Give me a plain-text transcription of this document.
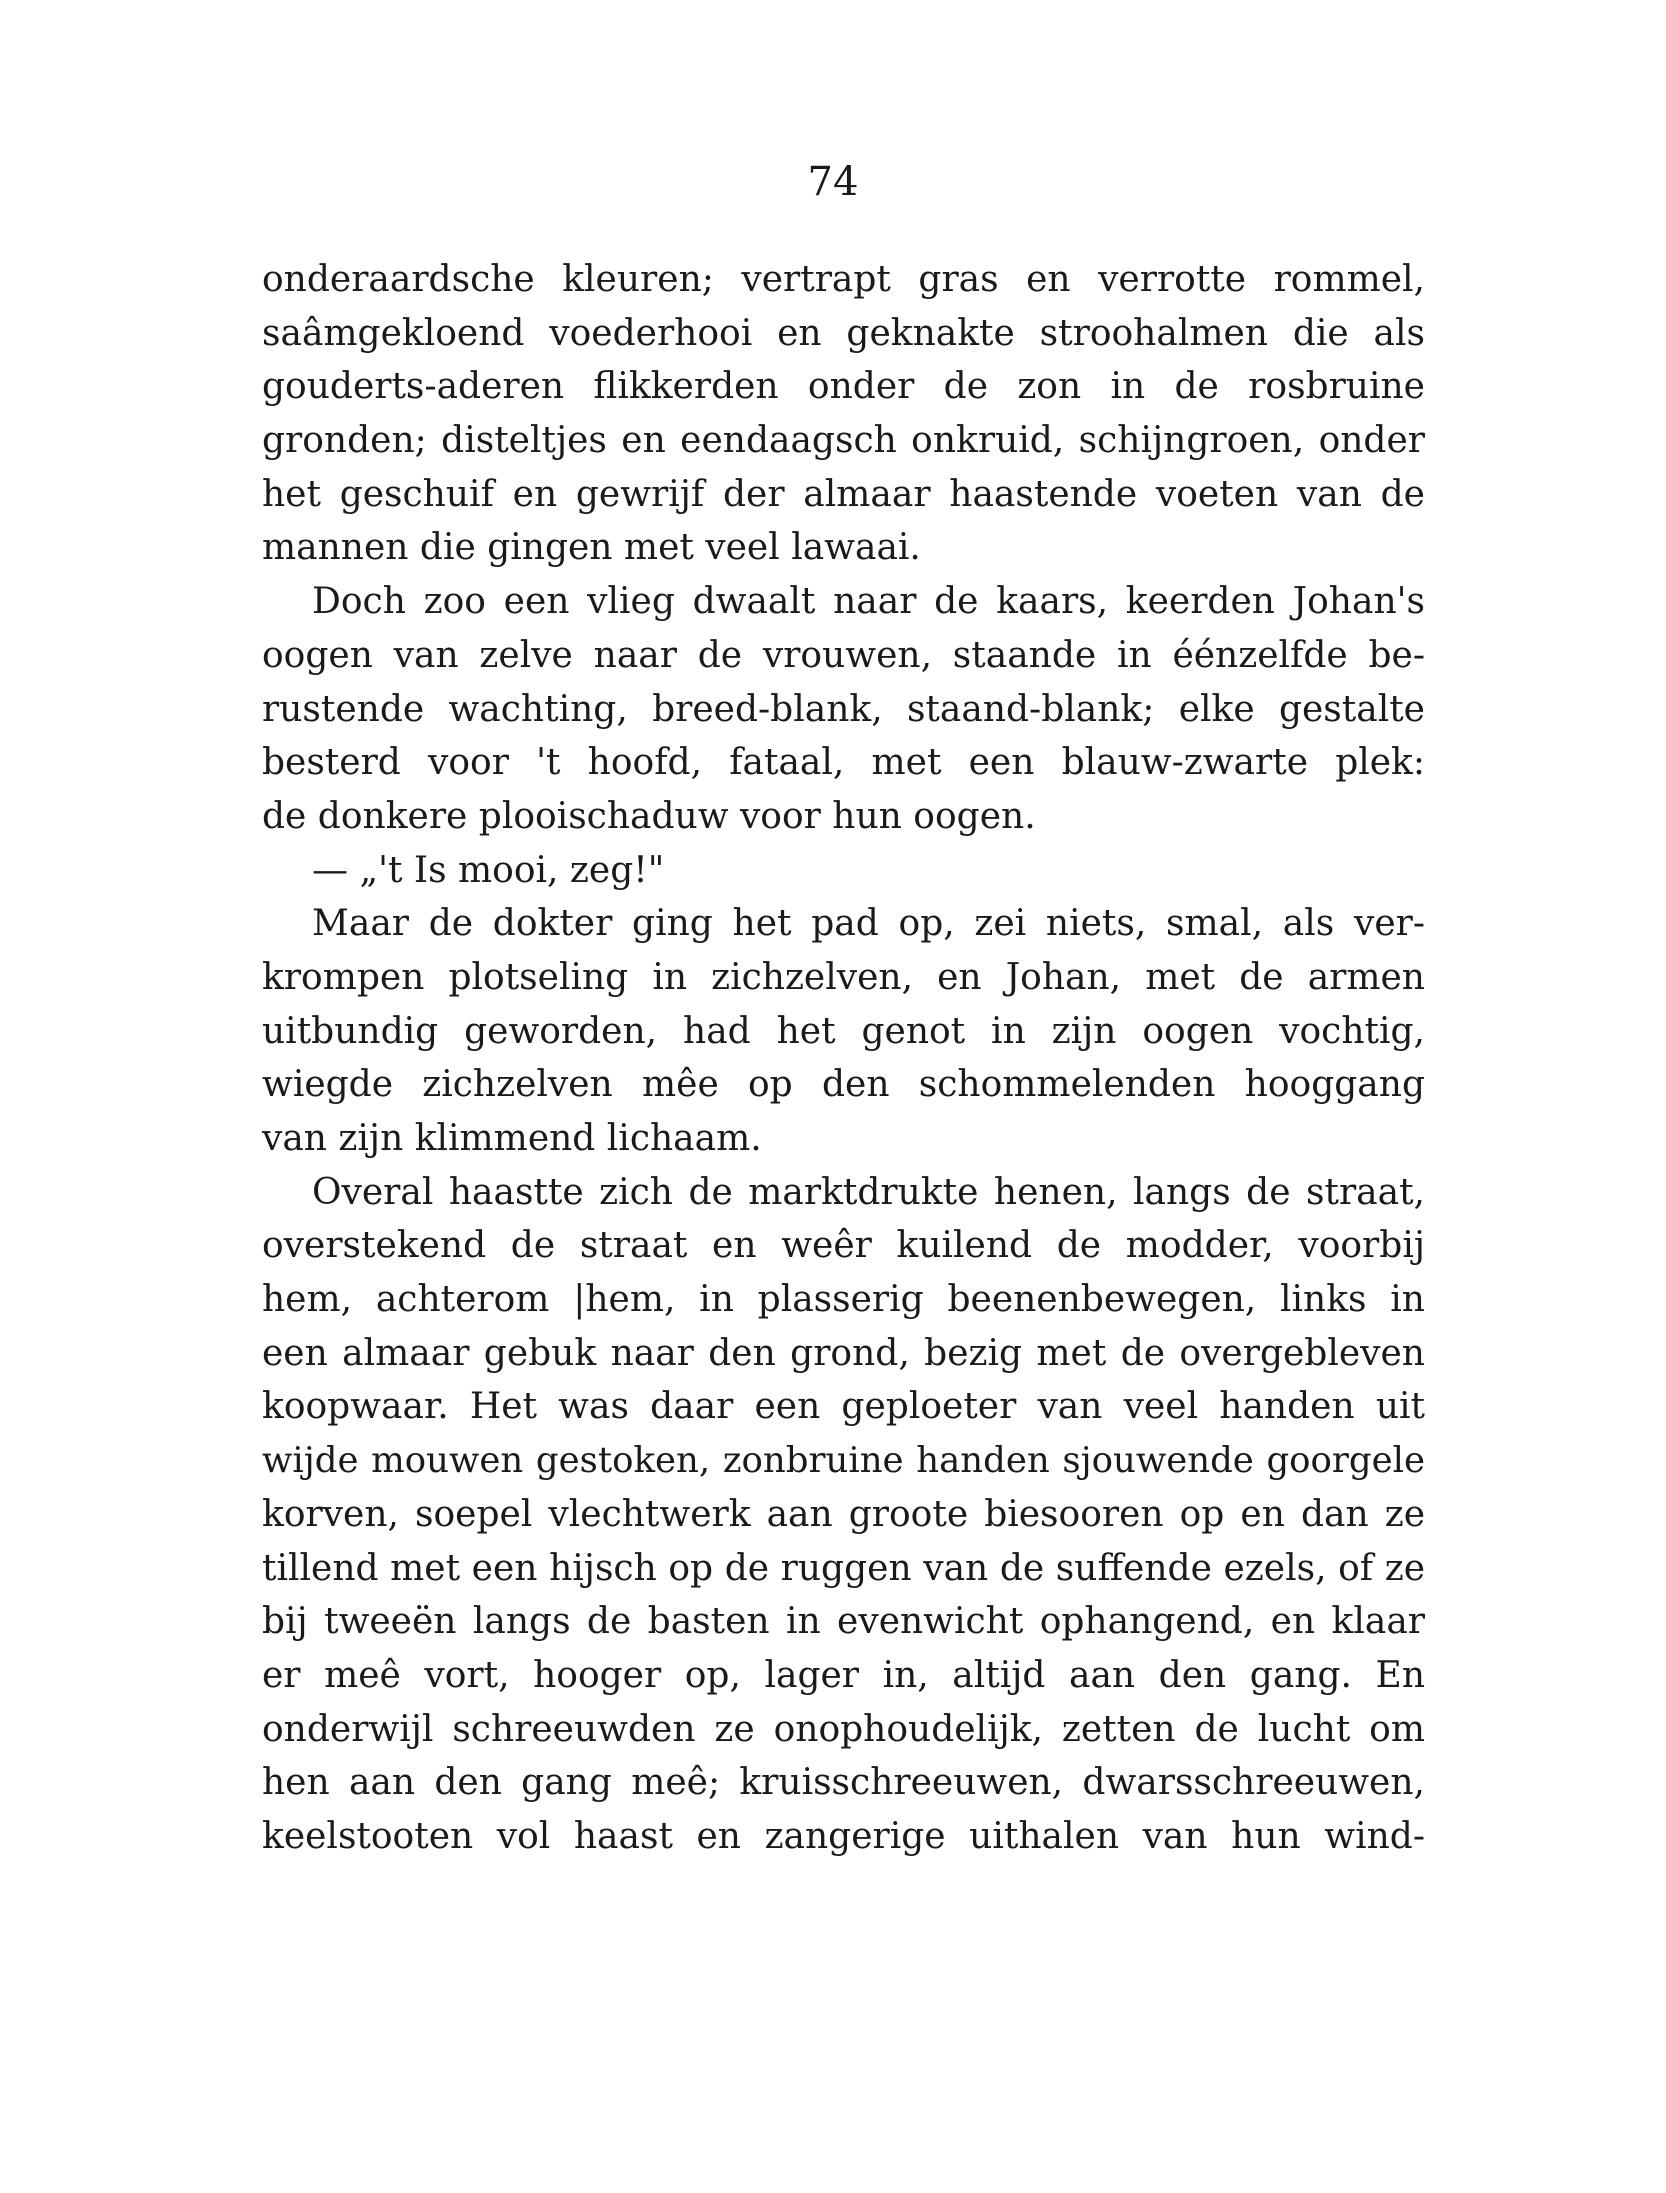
74
onderaardsche kleuren; vertrapt gras en verrotte rommel,
saâmgekloend voederhooi en geknakte stroohalmen die als
gouderts-aderen flikkerden onder de zon in de rosbruine
gronden; disteltjes en eendaagsch onkruid, schijngroen, onder
het geschuif en gewrijf der almaar haastende voeten van de
mannen die gingen met veel lawaai.
Doch zoo een vlieg dwaalt naar de kaars, keerden Johan's
oogen van zelve naar de vrouwen, staande in éénzelfde be-
rustende wachting, breed-blank, staand-blank; elke gestalte
besterd voor 't hoofd, fataal, met een blauw-zwarte plek:
de donkere plooischaduw voor hun oogen.
— „'t Is mooi, zeg!"
Maar de dokter ging het pad op, zei niets, smal, als ver-
krompen plotseling in zichzelven, en Johan, met de armen
uitbundig geworden, had het genot in zijn oogen vochtig,
wiegde zichzelven mêe op den schommelenden hooggang
van zijn klimmend lichaam.
Overal haastte zich de marktdrukte henen, langs de straat,
overstekend de straat en weêr kuilend de modder, voorbij
hem, achterom |hem, in plasserig beenenbewegen, links in
een almaar gebuk naar den grond, bezig met de overgebleven
koopwaar. Het was daar een geploeter van veel handen uit
wijde mouwen gestoken, zonbruine handen sjouwende goorgele
korven, soepel vlechtwerk aan groote biesooren op en dan ze
tillend met een hijsch op de ruggen van de suffende ezels, of ze
bij tweeën langs de basten in evenwicht ophangend, en klaar
er meê vort, hooger op, lager in, altijd aan den gang. En
onderwijl schreeuwden ze onophoudelijk, zetten de lucht om
hen aan den gang meê; kruisschreeuwen, dwarsschreeuwen,
keelstooten vol haast en zangerige uithalen van hun wind-
